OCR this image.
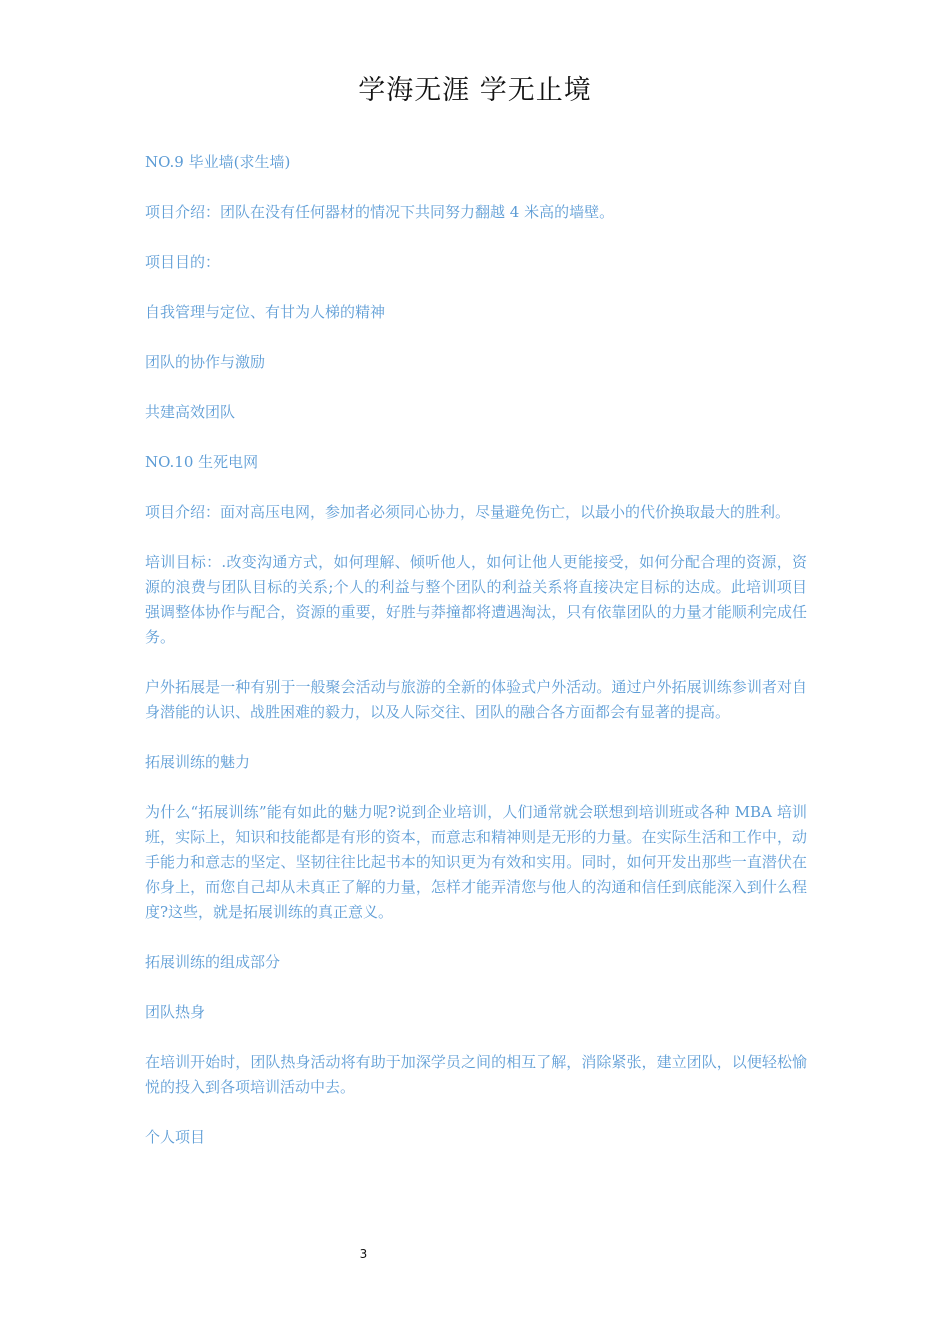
学海无涯 学无止境

NO.9 毕业墙(求生墙)

项目介绍：团队在没有任何器材的情况下共同努力翻越 4 米高的墙壁。

项目目的：

自我管理与定位、有甘为人梯的精神

团队的协作与激励

共建高效团队

NO.10 生死电网

项目介绍：面对高压电网，参加者必须同心协力，尽量避免伤亡，以最小的代价换取最大的胜利。

培训目标：.改变沟通方式，如何理解、倾听他人，如何让他人更能接受，如何分配合理的资源，资源的浪费与团队目标的关系;个人的利益与整个团队的利益关系将直接决定目标的达成。此培训项目强调整体协作与配合，资源的重要，好胜与莽撞都将遭遇淘汰，只有依靠团队的力量才能顺利完成任务。

户外拓展是一种有别于一般聚会活动与旅游的全新的体验式户外活动。通过户外拓展训练参训者对自身潜能的认识、战胜困难的毅力，以及人际交往、团队的融合各方面都会有显著的提高。

拓展训练的魅力

为什么“拓展训练”能有如此的魅力呢?说到企业培训，人们通常就会联想到培训班或各种 MBA 培训班，实际上，知识和技能都是有形的资本，而意志和精神则是无形的力量。在实际生活和工作中，动手能力和意志的坚定、坚韧往往比起书本的知识更为有效和实用。同时，如何开发出那些一直潜伏在你身上，而您自己却从未真正了解的力量，怎样才能弄清您与他人的沟通和信任到底能深入到什么程度?这些，就是拓展训练的真正意义。

拓展训练的组成部分

团队热身

在培训开始时，团队热身活动将有助于加深学员之间的相互了解，消除紧张，建立团队，以便轻松愉悦的投入到各项培训活动中去。

个人项目

3
